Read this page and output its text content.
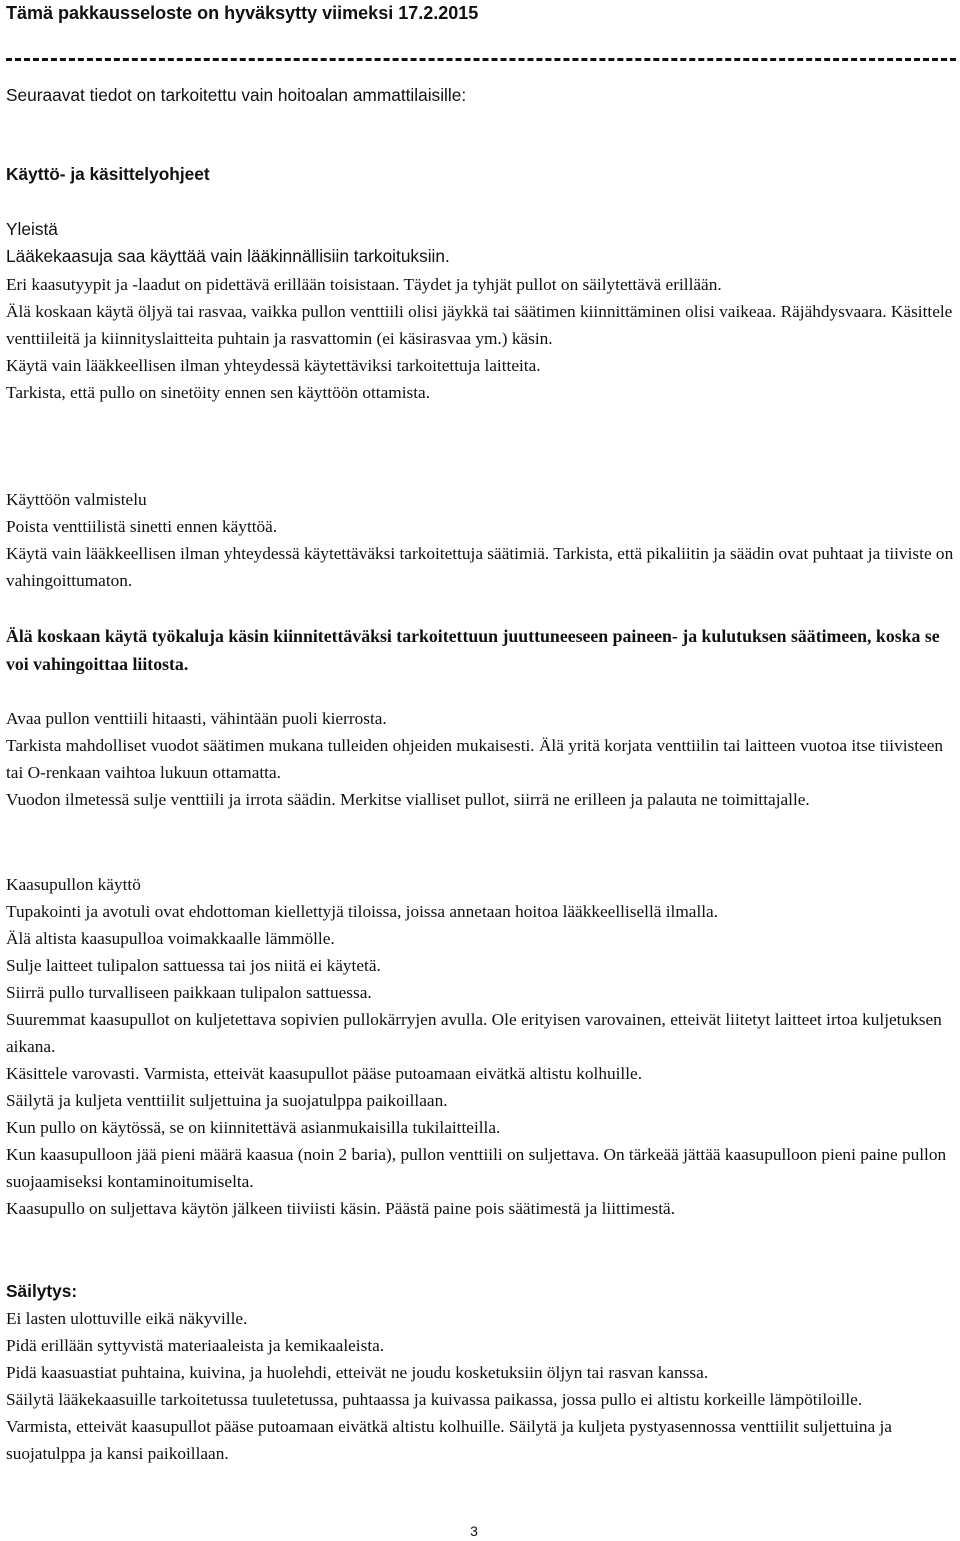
Tämä pakkausseloste on hyväksytty viimeksi 17.2.2015

Seuraavat tiedot on tarkoitettu vain hoitoalan ammattilaisille:

Käyttö- ja käsittelyohjeet

Yleistä

Lääkekaasuja saa käyttää vain lääkinnällisiin tarkoituksiin.

Eri kaasutyypit ja -laadut on pidettävä erillään toisistaan. Täydet ja tyhjät pullot on säilytettävä erillään.

Älä koskaan käytä öljyä tai rasvaa, vaikka pullon venttiili olisi jäykkä tai säätimen kiinnittäminen olisi vaikeaa. Räjähdysvaara. Käsittele venttiileitä ja kiinnityslaitteita puhtain ja rasvattomin (ei käsirasvaa ym.) käsin.

Käytä vain lääkkeellisen ilman yhteydessä käytettäviksi tarkoitettuja laitteita.

Tarkista, että pullo on sinetöity ennen sen käyttöön ottamista.

Käyttöön valmistelu

Poista venttiilistä sinetti ennen käyttöä.

Käytä vain lääkkeellisen ilman yhteydessä käytettäväksi tarkoitettuja säätimiä. Tarkista, että pikaliitin ja säädin ovat puhtaat ja tiiviste on vahingoittumaton.

Älä koskaan käytä työkaluja käsin kiinnitettäväksi tarkoitettuun juuttuneeseen paineen- ja kulutuksen säätimeen, koska se voi vahingoittaa liitosta.

Avaa pullon venttiili hitaasti, vähintään puoli kierrosta.

Tarkista mahdolliset vuodot säätimen mukana tulleiden ohjeiden mukaisesti. Älä yritä korjata venttiilin tai laitteen vuotoa itse tiivisteen tai O-renkaan vaihtoa lukuun ottamatta.

Vuodon ilmetessä sulje venttiili ja irrota säädin. Merkitse vialliset pullot, siirrä ne erilleen ja palauta ne toimittajalle.

Kaasupullon käyttö

Tupakointi ja avotuli ovat ehdottoman kiellettyjä tiloissa, joissa annetaan hoitoa lääkkeellisellä ilmalla.

Älä altista kaasupulloa voimakkaalle lämmölle.

Sulje laitteet tulipalon sattuessa tai jos niitä ei käytetä.

Siirrä pullo turvalliseen paikkaan tulipalon sattuessa.

Suuremmat kaasupullot on kuljetettava sopivien pullokärryjen avulla. Ole erityisen varovainen, etteivät liitetyt laitteet irtoa kuljetuksen aikana.

Käsittele varovasti. Varmista, etteivät kaasupullot pääse putoamaan eivätkä altistu kolhuille.

Säilytä ja kuljeta venttiilit suljettuina ja suojatulppa paikoillaan.

Kun pullo on käytössä, se on kiinnitettävä asianmukaisilla tukilaitteilla.

Kun kaasupulloon jää pieni määrä kaasua (noin 2 baria), pullon venttiili on suljettava. On tärkeää jättää kaasupulloon pieni paine pullon suojaamiseksi kontaminoitumiselta.

Kaasupullo on suljettava käytön jälkeen tiiviisti käsin. Päästä paine pois säätimestä ja liittimestä.

Säilytys:

Ei lasten ulottuville eikä näkyville.

Pidä erillään syttyvistä materiaaleista ja kemikaaleista.

Pidä kaasuastiat puhtaina, kuivina, ja huolehdi, etteivät ne joudu kosketuksiin öljyn tai rasvan kanssa.

Säilytä lääkekaasuille tarkoitetussa tuuletetussa, puhtaassa ja kuivassa paikassa, jossa pullo ei altistu korkeille lämpötiloille.

Varmista, etteivät kaasupullot pääse putoamaan eivätkä altistu kolhuille. Säilytä ja kuljeta pystyasennossa venttiilit suljettuina ja suojatulppa ja kansi paikoillaan.

3
